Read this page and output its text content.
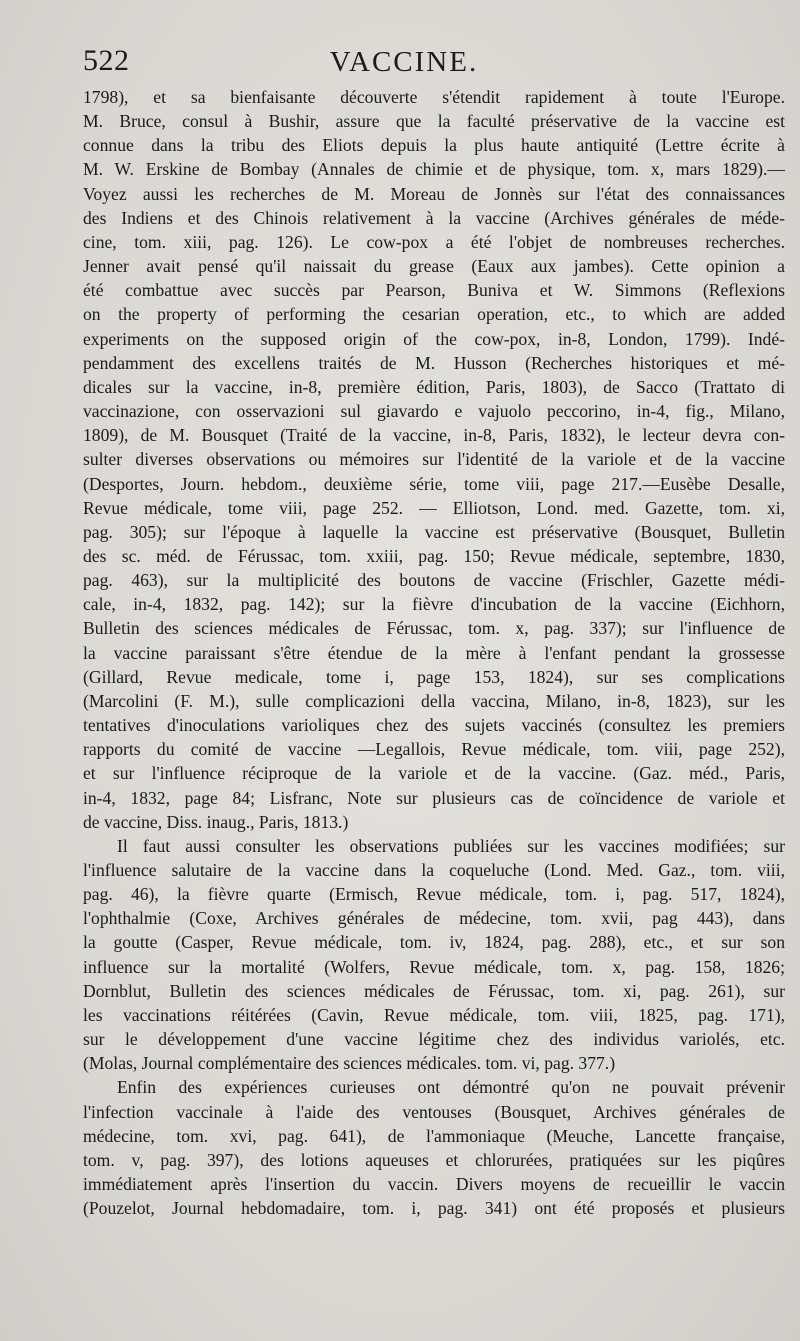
522	VACCINE.
1798), et sa bienfaisante découverte s'étendit rapidement à toute l'Europe.
M. Bruce, consul à Bushir, assure que la faculté préservative de la vaccine est
connue dans la tribu des Eliots depuis la plus haute antiquité (Lettre écrite à
M. W. Erskine de Bombay (Annales de chimie et de physique, tom. x, mars 1829).—
Voyez aussi les recherches de M. Moreau de Jonnès sur l'état des connaissances
des Indiens et des Chinois relativement à la vaccine (Archives générales de méde-
cine, tom. xiii, pag. 126). Le cow-pox a été l'objet de nombreuses recherches.
Jenner avait pensé qu'il naissait du grease (Eaux aux jambes). Cette opinion a
été combattue avec succès par Pearson, Buniva et W. Simmons (Reflexions
on the property of performing the cesarian operation, etc., to which are added
experiments on the supposed origin of the cow-pox, in-8, London, 1799). Indé-
pendamment des excellens traités de M. Husson (Recherches historiques et mé-
dicales sur la vaccine, in-8, première édition, Paris, 1803), de Sacco (Trattato di
vaccinazione, con osservazioni sul giavardo e vajuolo peccorino, in-4, fig., Milano,
1809), de M. Bousquet (Traité de la vaccine, in-8, Paris, 1832), le lecteur devra con-
sulter diverses observations ou mémoires sur l'identité de la variole et de la vaccine
(Desportes, Journ. hebdom., deuxième série, tome viii, page 217.—Eusèbe Desalle,
Revue médicale, tome viii, page 252. — Elliotson, Lond. med. Gazette, tom. xi,
pag. 305); sur l'époque à laquelle la vaccine est préservative (Bousquet, Bulletin
des sc. méd. de Férussac, tom. xxiii, pag. 150; Revue médicale, septembre, 1830,
pag. 463), sur la multiplicité des boutons de vaccine (Frischler, Gazette médi-
cale, in-4, 1832, pag. 142); sur la fièvre d'incubation de la vaccine (Eichhorn,
Bulletin des sciences médicales de Férussac, tom. x, pag. 337); sur l'influence de
la vaccine paraissant s'être étendue de la mère à l'enfant pendant la grossesse
(Gillard, Revue medicale, tome i, page 153, 1824), sur ses complications
(Marcolini (F. M.), sulle complicazioni della vaccina, Milano, in-8, 1823), sur les
tentatives d'inoculations varioliques chez des sujets vaccinés (consultez les premiers
rapports du comité de vaccine —Legallois, Revue médicale, tom. viii, page 252),
et sur l'influence réciproque de la variole et de la vaccine. (Gaz. méd., Paris,
in-4, 1832, page 84; Lisfranc, Note sur plusieurs cas de coïncidence de variole et
de vaccine, Diss. inaug., Paris, 1813.)
Il faut aussi consulter les observations publiées sur les vaccines modifiées; sur
l'influence salutaire de la vaccine dans la coqueluche (Lond. Med. Gaz., tom. viii,
pag. 46), la fièvre quarte (Ermisch, Revue médicale, tom. i, pag. 517, 1824),
l'ophthalmie (Coxe, Archives générales de médecine, tom. xvii, pag 443), dans
la goutte (Casper, Revue médicale, tom. iv, 1824, pag. 288), etc., et sur son
influence sur la mortalité (Wolfers, Revue médicale, tom. x, pag. 158, 1826;
Dornblut, Bulletin des sciences médicales de Férussac, tom. xi, pag. 261), sur
les vaccinations réitérées (Cavin, Revue médicale, tom. viii, 1825, pag. 171),
sur le développement d'une vaccine légitime chez des individus variolés, etc.
(Molas, Journal complémentaire des sciences médicales. tom. vi, pag. 377.)
Enfin des expériences curieuses ont démontré qu'on ne pouvait prévenir
l'infection vaccinale à l'aide des ventouses (Bousquet, Archives générales de
médecine, tom. xvi, pag. 641), de l'ammoniaque (Meuche, Lancette française,
tom. v, pag. 397), des lotions aqueuses et chlorurées, pratiquées sur les piqûres
immédiatement après l'insertion du vaccin. Divers moyens de recueillir le vaccin
(Pouzelot, Journal hebdomadaire, tom. i, pag. 341) ont été proposés et plusieurs
